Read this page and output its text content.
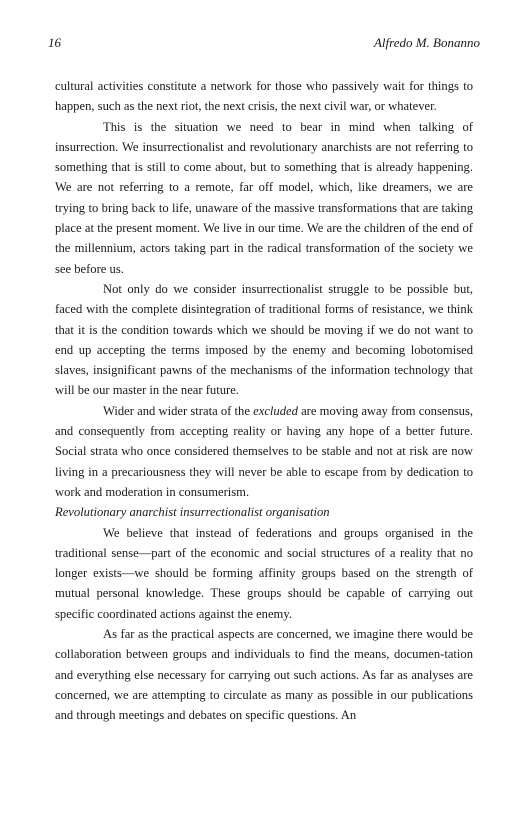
16	Alfredo M. Bonanno

cultural activities constitute a network for those who passively wait for things to happen, such as the next riot, the next crisis, the next civil war, or whatever.

This is the situation we need to bear in mind when talking of insurrection. We insurrectionalist and revolutionary anarchists are not referring to something that is still to come about, but to something that is already happening. We are not referring to a remote, far off model, which, like dreamers, we are trying to bring back to life, unaware of the massive transformations that are taking place at the present moment. We live in our time. We are the children of the end of the millennium, actors taking part in the radical transformation of the society we see before us.

Not only do we consider insurrectionalist struggle to be possible but, faced with the complete disintegration of traditional forms of resistance, we think that it is the condition towards which we should be moving if we do not want to end up accepting the terms imposed by the enemy and becoming lobotomised slaves, insignificant pawns of the mechanisms of the information technology that will be our master in the near future.

Wider and wider strata of the excluded are moving away from consensus, and consequently from accepting reality or having any hope of a better future. Social strata who once considered themselves to be stable and not at risk are now living in a precariousness they will never be able to escape from by dedication to work and moderation in consumerism.

Revolutionary anarchist insurrectionalist organisation

We believe that instead of federations and groups organised in the traditional sense—part of the economic and social structures of a reality that no longer exists—we should be forming affinity groups based on the strength of mutual personal knowledge. These groups should be capable of carrying out specific coordinated actions against the enemy.

As far as the practical aspects are concerned, we imagine there would be collaboration between groups and individuals to find the means, documen-tation and everything else necessary for carrying out such actions. As far as analyses are concerned, we are attempting to circulate as many as possible in our publications and through meetings and debates on specific questions. An
